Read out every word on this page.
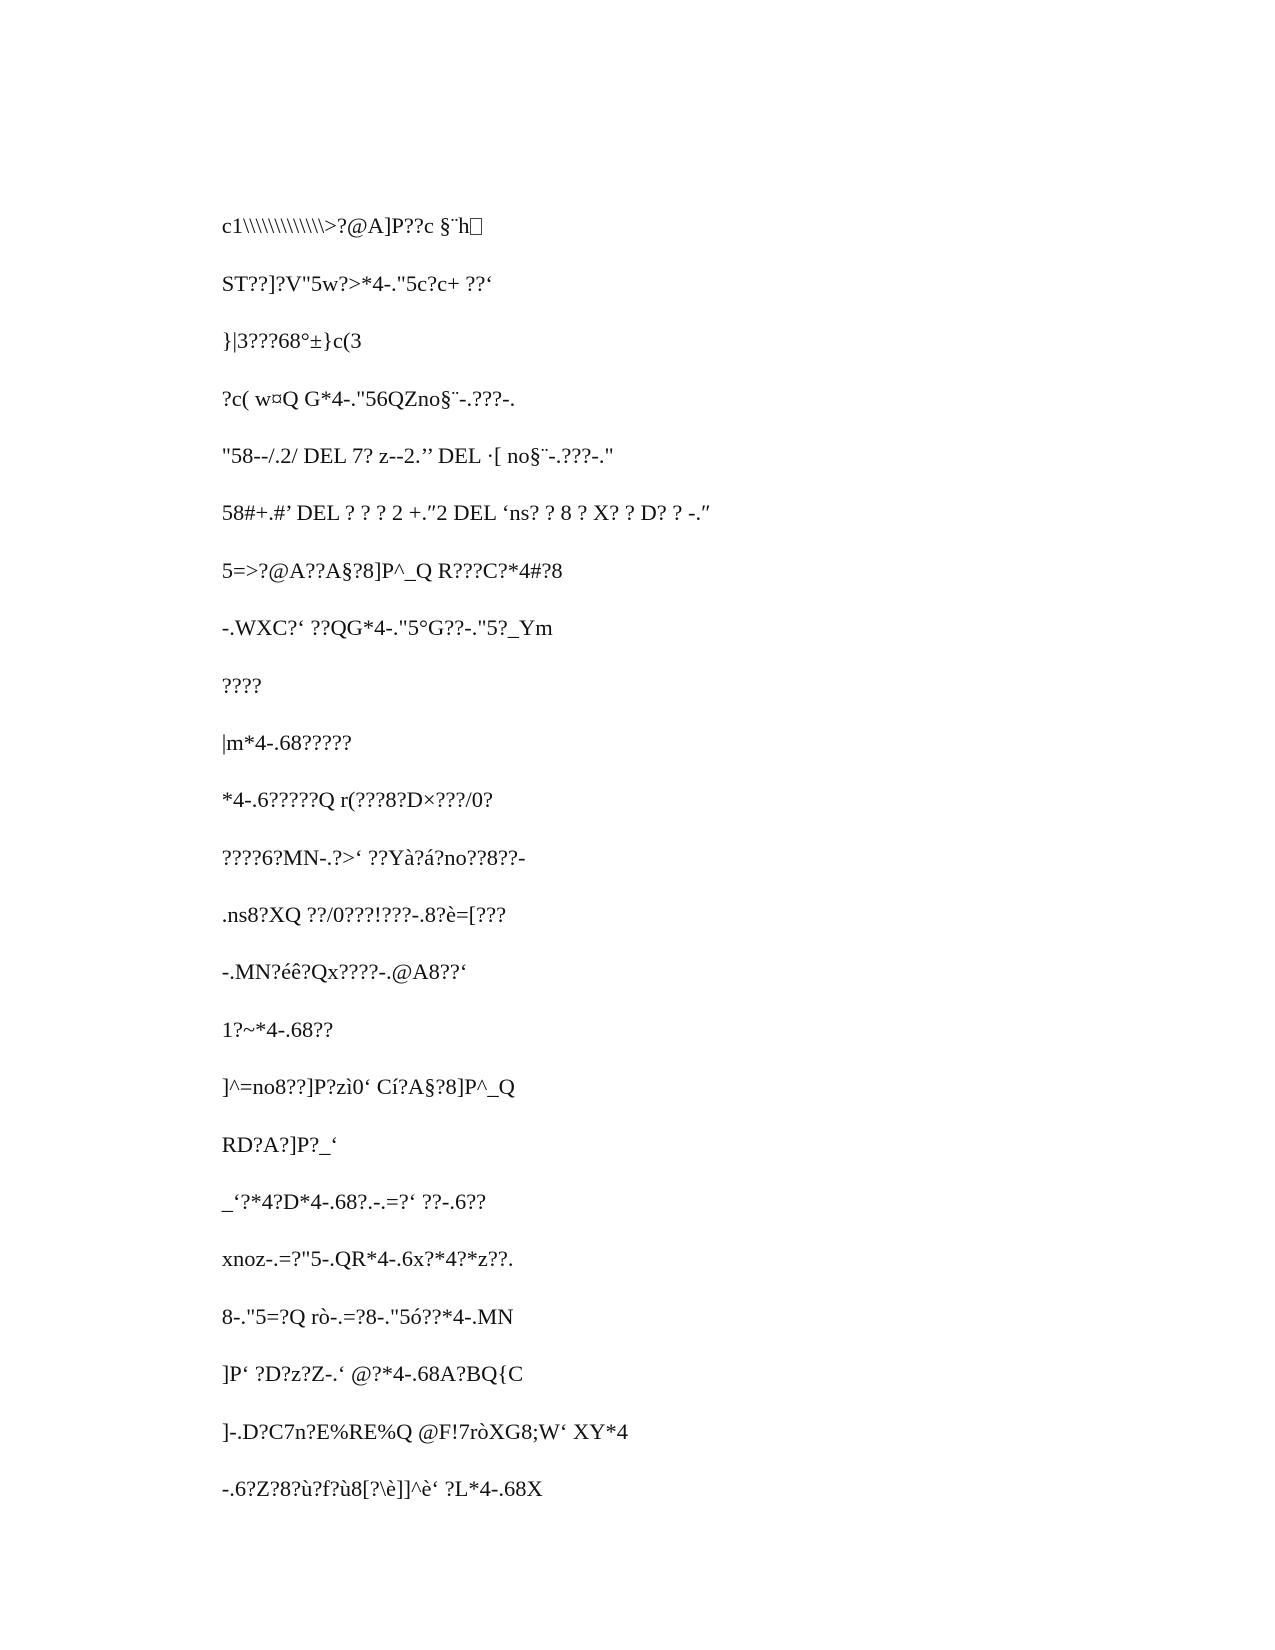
c1\\\\\\\\\\\\\>?@A]P??c §¨h

ST??]?V"5w?>*4-."5c?c+ ??‘

}|3???68°±}c(3

?c( w¤Q G*4-."56QZno§¨-.???-.

"58--/.2/ DEL 7? z--2.’’ DEL ·[ no§¨-.???-."

58#+.#’ DEL ? ? ? 2 +.″2 DEL ‘ns? ? 8 ? X? ? D? ? -.″

5=>?@A??A§?8]P^_Q R???C?*4#?8

-.WXC?‘ ??QG*4-."5°G??-."5?_Ym

????

|m*4-.68?????

*4-.6?????Q r(???8?D×???/0?

????6?MN-.?>‘ ??Yà?á?no??8??-

.ns8?XQ ??/0???!???-.8?è=[???

-.MN?éê?Qx????-.@A8??‘

1?~*4-.68??

]^=no8??]P?zì0‘ Cí?A§?8]P^_Q

RD?A?]P?_‘

_‘?*4?D*4-.68?.-.=?‘ ??-.6??

xnoz-.=?"5-.QR*4-.6x?*4?*z??.

8-."5=?Q rò-.=?8-."5ó??*4-.MN

]P‘ ?D?z?Z-.‘ @?*4-.68A?BQ{C

]-.D?C7n?E%RE%Q @F!7ròXG8;W‘ XY*4

-.6?Z?8?ù?f?ù8[?\è]]^è‘ ?L*4-.68X
